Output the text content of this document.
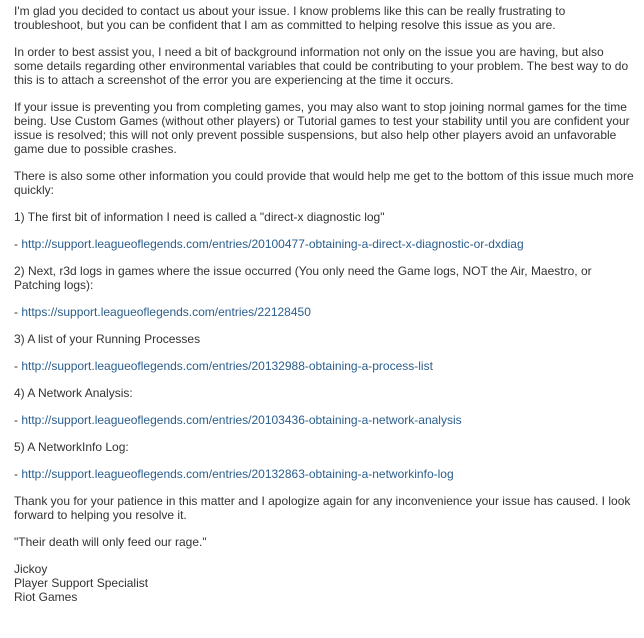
I'm glad you decided to contact us about your issue. I know problems like this can be really frustrating to troubleshoot, but you can be confident that I am as committed to helping resolve this issue as you are.

In order to best assist you, I need a bit of background information not only on the issue you are having, but also some details regarding other environmental variables that could be contributing to your problem. The best way to do this is to attach a screenshot of the error you are experiencing at the time it occurs.

If your issue is preventing you from completing games, you may also want to stop joining normal games for the time being. Use Custom Games (without other players) or Tutorial games to test your stability until you are confident your issue is resolved; this will not only prevent possible suspensions, but also help other players avoid an unfavorable game due to possible crashes.

There is also some other information you could provide that would help me get to the bottom of this issue much more quickly:

1) The first bit of information I need is called a "direct-x diagnostic log"

- http://support.leagueoflegends.com/entries/20100477-obtaining-a-direct-x-diagnostic-or-dxdiag

2) Next, r3d logs in games where the issue occurred (You only need the Game logs, NOT the Air, Maestro, or Patching logs):

- https://support.leagueoflegends.com/entries/22128450

3) A list of your Running Processes

- http://support.leagueoflegends.com/entries/20132988-obtaining-a-process-list

4) A Network Analysis:

- http://support.leagueoflegends.com/entries/20103436-obtaining-a-network-analysis

5) A NetworkInfo Log:

- http://support.leagueoflegends.com/entries/20132863-obtaining-a-networkinfo-log

Thank you for your patience in this matter and I apologize again for any inconvenience your issue has caused. I look forward to helping you resolve it.

"Their death will only feed our rage."

Jickoy
Player Support Specialist
Riot Games
